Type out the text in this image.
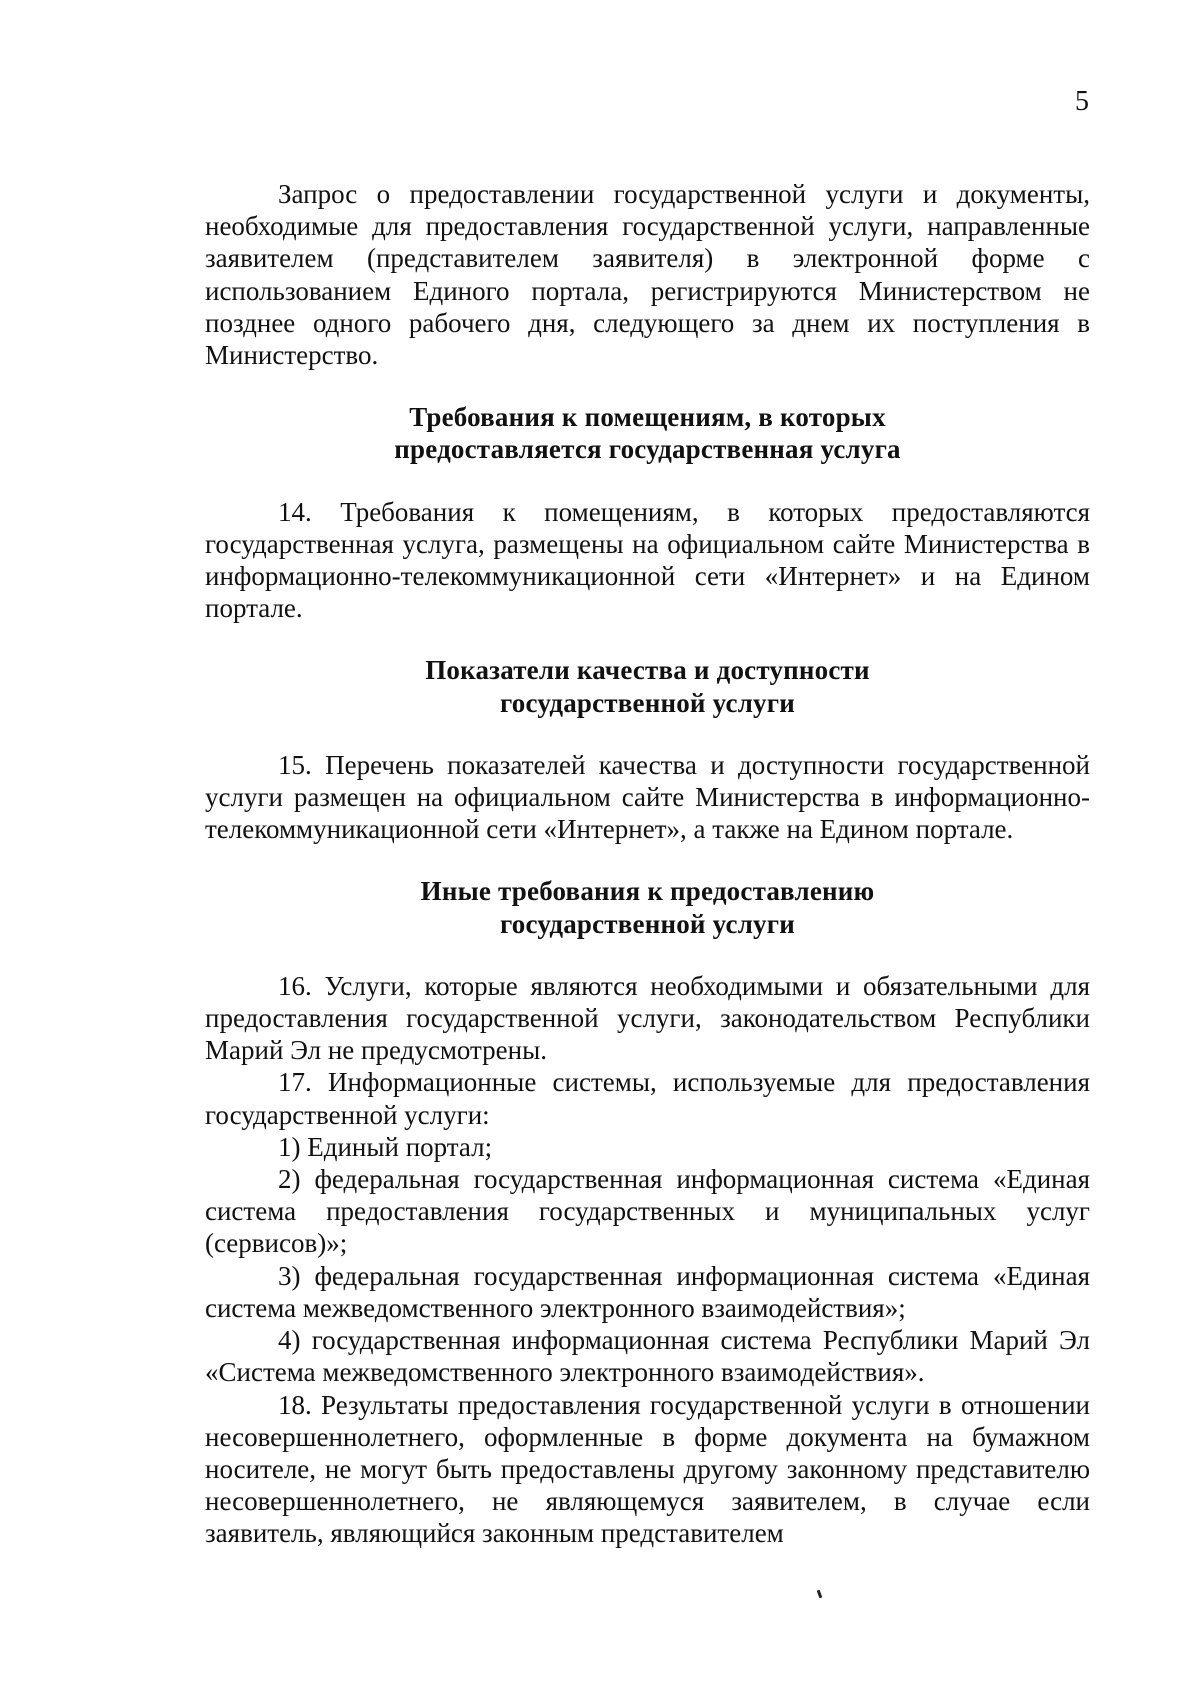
5

Запрос о предоставлении государственной услуги и документы, необходимые для предоставления государственной услуги, направленные заявителем (представителем заявителя) в электронной форме с использованием Единого портала, регистрируются Министерством не позднее одного рабочего дня, следующего за днем их поступления в Министерство.

Требования к помещениям, в которых

предоставляется государственная услуга

14. Требования к помещениям, в которых предоставляются государственная услуга, размещены на официальном сайте Министерства в информационно-телекоммуникационной сети «Интернет» и на Едином портале.

Показатели качества и доступности

государственной услуги

15. Перечень показателей качества и доступности государственной услуги размещен на официальном сайте Министерства в информационно-телекоммуникационной сети «Интернет», а также на Едином портале.

Иные требования к предоставлению

государственной услуги

16. Услуги, которые являются необходимыми и обязательными для предоставления государственной услуги, законодательством Республики Марий Эл не предусмотрены.

17. Информационные системы, используемые для предоставления государственной услуги:

1) Единый портал;

2) федеральная государственная информационная система «Единая система предоставления государственных и муниципальных услуг (сервисов)»;

3) федеральная государственная информационная система «Единая система межведомственного электронного взаимодействия»;

4) государственная информационная система Республики Марий Эл «Система межведомственного электронного взаимодействия».

18. Результаты предоставления государственной услуги в отношении несовершеннолетнего, оформленные в форме документа на бумажном носителе, не могут быть предоставлены другому законному представителю несовершеннолетнего, не являющемуся заявителем, в случае если заявитель, являющийся законным представителем
